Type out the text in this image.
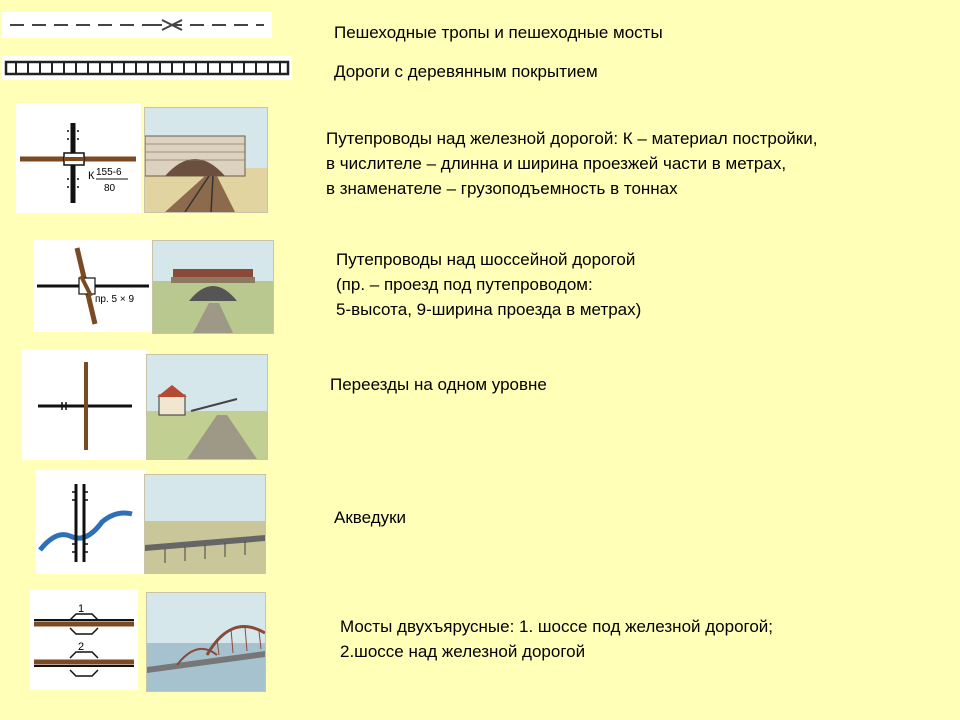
Пешеходные тропы и пешеходные мосты
Дороги с деревянным покрытием
К 155-6
80
Путепроводы над железной дорогой: К – материал постройки,
в числителе – длинна и ширина проезжей части в метрах,
в знаменателе – грузоподъемность в тоннах
пр. 5 × 9
Путепроводы над шоссейной дорогой
(пр. – проезд под путепроводом:
5-высота, 9-ширина проезда в метрах)
Переезды на одном уровне
Акведуки
1
2
Мосты двухъярусные: 1. шоссе под железной дорогой;
2.шоссе над железной дорогой
